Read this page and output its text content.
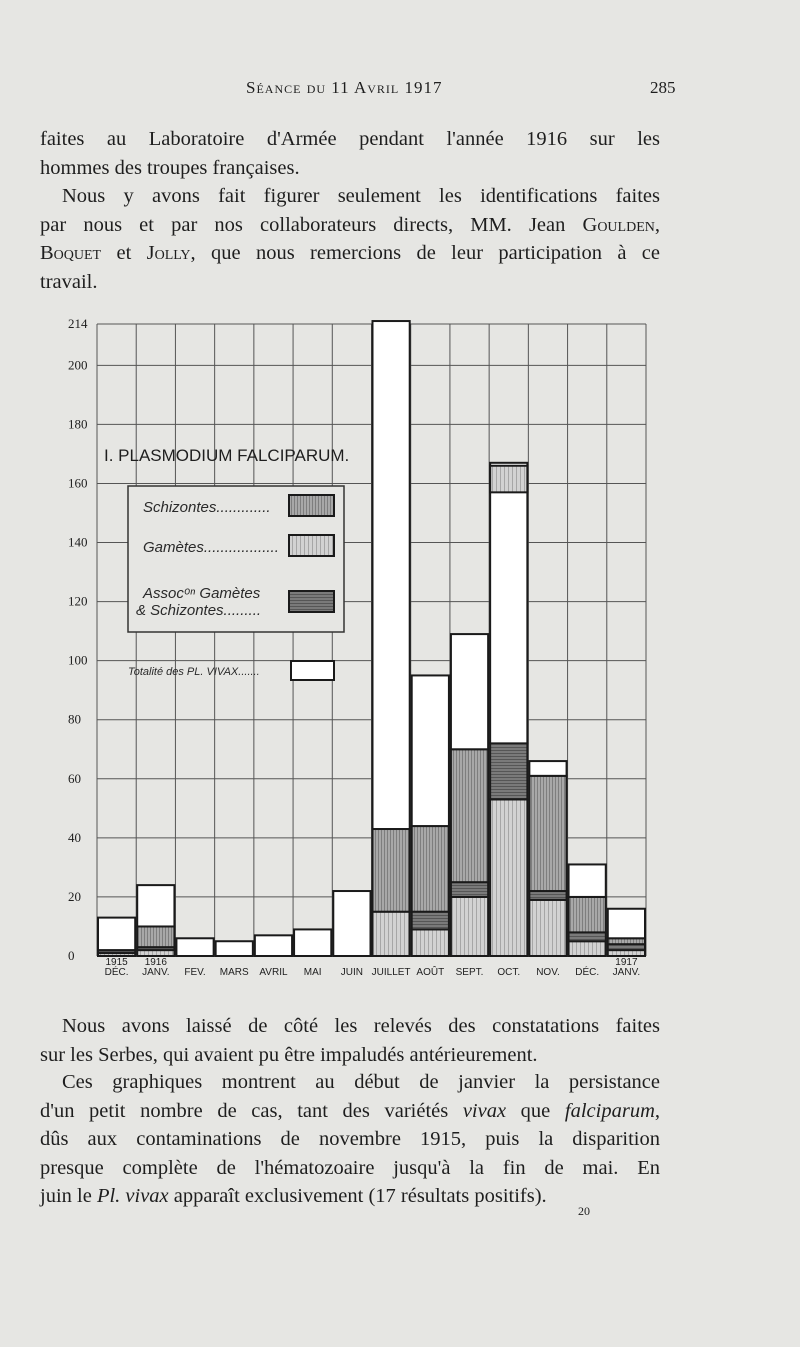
Séance du 11 Avril 1917	285

faites au Laboratoire d'Armée pendant l'année 1916 sur les
hommes des troupes françaises.

Nous y avons fait figurer seulement les identifications faites
par nous et par nos collaborateurs directs, MM. Jean Goulden,
Boquet et Jolly, que nous remercions de leur participation à ce
travail.

0
20
40
60
80
100
120
140
160
180
200
214
1915
DÉC.
1916
JANV. FEV. MARS AVRIL MAI JUIN JUILLET AOÛT SEPT. OCT. NOV. DÉC.
1917
JANV.
I. PLASMODIUM FALCIPARUM.
Schizontes.............
Gamètes..................
Assocᵒⁿ Gamètes
& Schizontes.........
Totalité des PL. VIVAX.......

Nous avons laissé de côté les relevés des constatations faites
sur les Serbes, qui avaient pu être impaludés antérieurement.

Ces graphiques montrent au début de janvier la persistance
d'un petit nombre de cas, tant des variétés vivax que falciparum,
dûs aux contaminations de novembre 1915, puis la disparition
presque complète de l'hématozoaire jusqu'à la fin de mai. En
juin le Pl. vivax apparaît exclusivement (17 résultats positifs).

20
